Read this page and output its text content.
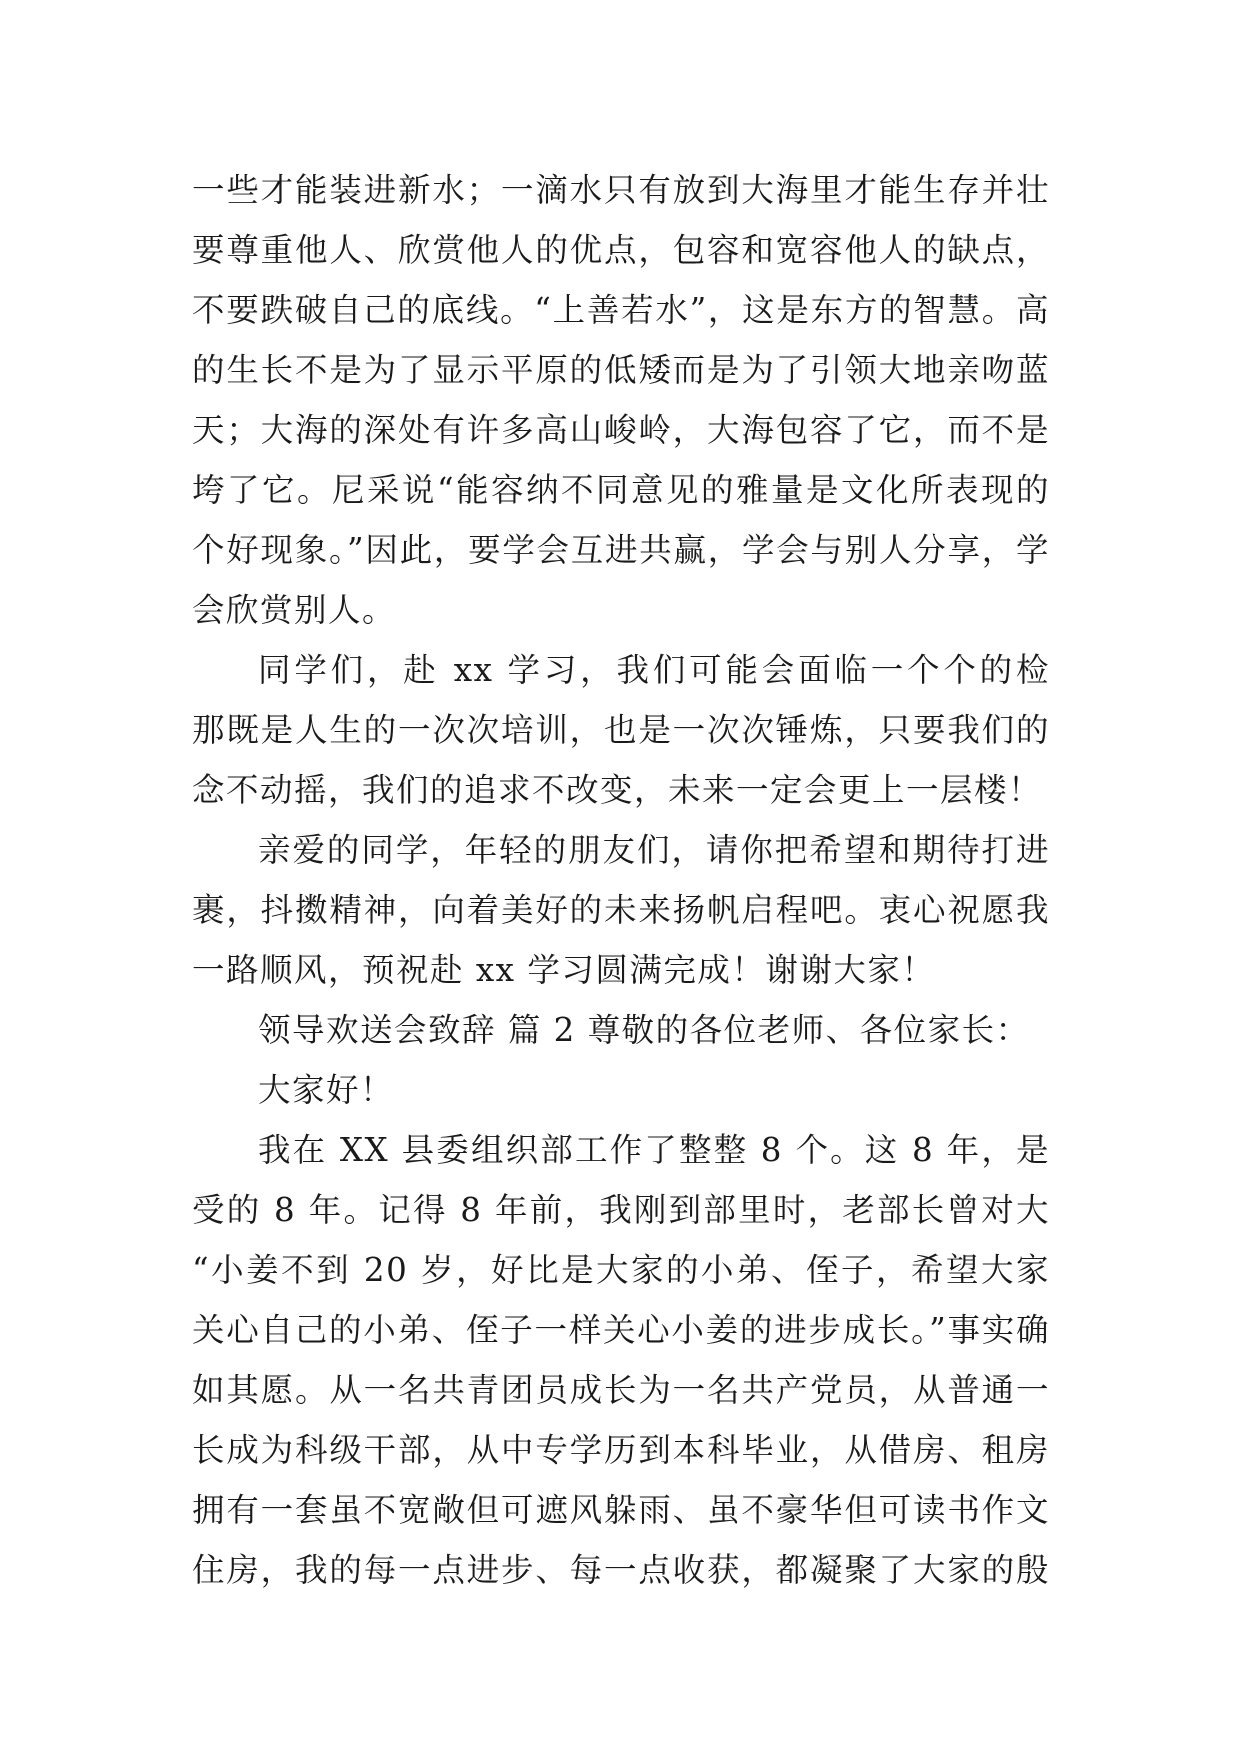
一些才能装进新水；一滴水只有放到大海里才能生存并壮
要尊重他人、欣赏他人的优点，包容和宽容他人的缺点，
不要跌破自己的底线。“上善若水”，这是东方的智慧。高
的生长不是为了显示平原的低矮而是为了引领大地亲吻蓝
天；大海的深处有许多高山峻岭，大海包容了它，而不是
垮了它。尼采说“能容纳不同意见的雅量是文化所表现的
个好现象。”因此，要学会互进共赢，学会与别人分享，学
会欣赏别人。
同学们，赴 xx 学习，我们可能会面临一个个的检
那既是人生的一次次培训，也是一次次锤炼，只要我们的
念不动摇，我们的追求不改变，未来一定会更上一层楼！
亲爱的同学，年轻的朋友们，请你把希望和期待打进
裹，抖擞精神，向着美好的未来扬帆启程吧。衷心祝愿我
一路顺风，预祝赴 xx 学习圆满完成！谢谢大家！
领导欢送会致辞 篇 2 尊敬的各位老师、各位家长：
大家好！
我在 XX 县委组织部工作了整整 8 个。这 8 年，是
受的 8 年。记得 8 年前，我刚到部里时，老部长曾对大
“小姜不到 20 岁，好比是大家的小弟、侄子，希望大家
关心自己的小弟、侄子一样关心小姜的进步成长。”事实确
如其愿。从一名共青团员成长为一名共产党员，从普通一
长成为科级干部，从中专学历到本科毕业，从借房、租房
拥有一套虽不宽敞但可遮风躲雨、虽不豪华但可读书作文
住房，我的每一点进步、每一点收获，都凝聚了大家的殷
